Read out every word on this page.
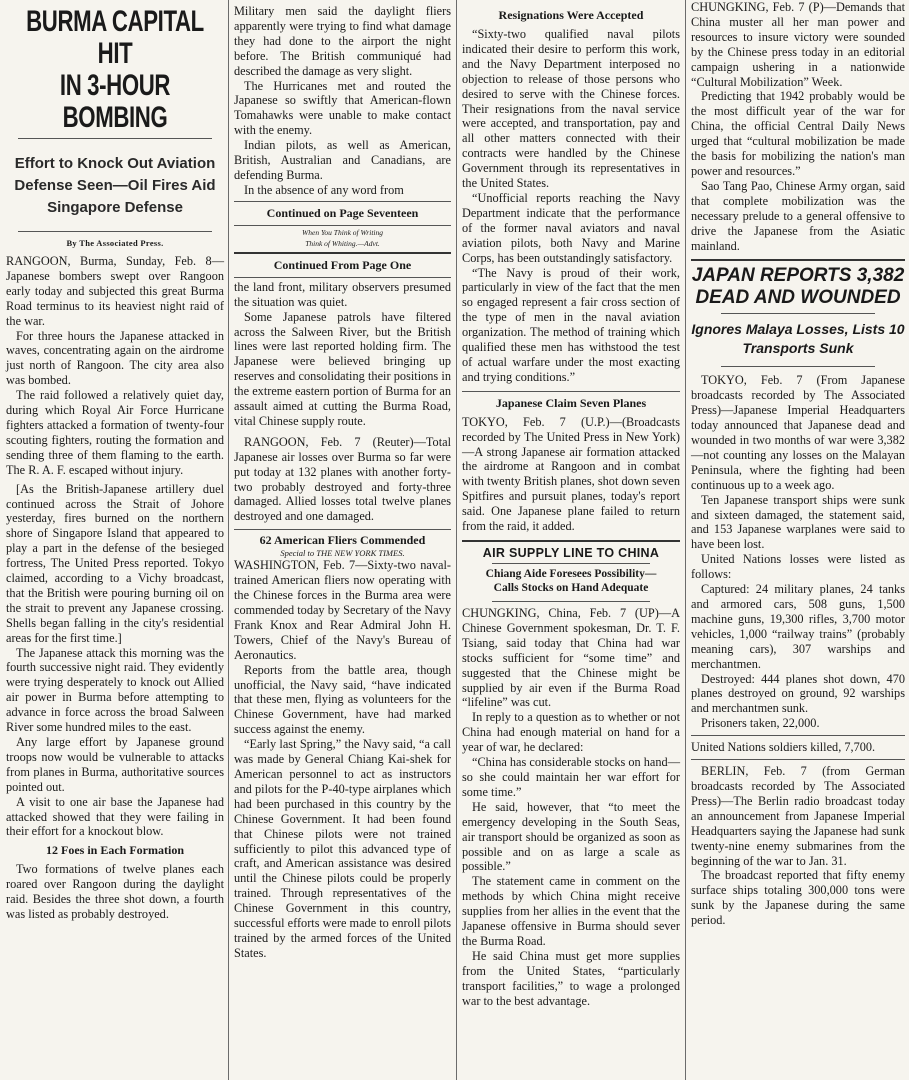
BURMA CAPITAL HIT
IN 3-HOUR BOMBING
Effort to Knock Out Aviation
Defense Seen—Oil Fires Aid
Singapore Defense
By The Associated Press.

RANGOON, Burma, Sunday, Feb. 8—Japanese bombers swept over Rangoon early today and subjected this great Burma Road terminus to its heaviest night raid of the war.

For three hours the Japanese attacked in waves, concentrating again on the airdrome just north of Rangoon. The city area also was bombed.

The raid followed a relatively quiet day, during which Royal Air Force Hurricane fighters attacked a formation of twenty-four scouting fighters, routing the formation and sending three of them flaming to the earth. The R. A. F. escaped without injury.

[As the British-Japanese artillery duel continued across the Strait of Johore yesterday, fires burned on the northern shore of Singapore Island that appeared to play a part in the defense of the besieged fortress, The United Press reported. Tokyo claimed, according to a Vichy broadcast, that the British were pouring burning oil on the strait to prevent any Japanese crossing. Shells began falling in the city's residential areas for the first time.]

The Japanese attack this morning was the fourth successive night raid. They evidently were trying desperately to knock out Allied air power in Burma before attempting to advance in force across the broad Salween River some hundred miles to the east.

Any large effort by Japanese ground troops now would be vulnerable to attacks from planes in Burma, authoritative sources pointed out.

A visit to one air base the Japanese had attacked showed that they were failing in their effort for a knockout blow.

12 Foes in Each Formation

Two formations of twelve planes each roared over Rangoon during the daylight raid. Besides the three shot down, a fourth was listed as probably destroyed.

Military men said the daylight fliers apparently were trying to find what damage they had done to the airport the night before. The British communiqué had described the damage as very slight.

The Hurricanes met and routed the Japanese so swiftly that American-flown Tomahawks were unable to make contact with the enemy.

Indian pilots, as well as American, British, Australian and Canadians, are defending Burma.

In the absence of any word from

Continued on Page Seventeen
When You Think of Writing
Think of Whiting.—Advt.
Continued From Page One

the land front, military observers presumed the situation was quiet.

Some Japanese patrols have filtered across the Salween River, but the British lines were last reported holding firm. The Japanese were believed bringing up reserves and consolidating their positions in the extreme eastern portion of Burma for an assault aimed at cutting the Burma Road, vital Chinese supply route.

RANGOON, Feb. 7 (Reuter)—Total Japanese air losses over Burma so far were put today at 132 planes with another forty-two probably destroyed and forty-three damaged. Allied losses total twelve planes destroyed and one damaged.

62 American Fliers Commended
Special to THE NEW YORK TIMES.

WASHINGTON, Feb. 7—Sixty-two naval-trained American fliers now operating with the Chinese forces in the Burma area were commended today by Secretary of the Navy Frank Knox and Rear Admiral John H. Towers, Chief of the Navy's Bureau of Aeronautics.

Reports from the battle area, though unofficial, the Navy said, “have indicated that these men, flying as volunteers for the Chinese Government, have had marked success against the enemy.

“Early last Spring,” the Navy said, “a call was made by General Chiang Kai-shek for American personnel to act as instructors and pilots for the P-40-type airplanes which had been purchased in this country by the Chinese Government. It had been found that Chinese pilots were not trained sufficiently to pilot this advanced type of craft, and American assistance was desired until the Chinese pilots could be properly trained. Through representatives of the Chinese Government in this country, successful efforts were made to enroll pilots trained by the armed forces of the United States.

Resignations Were Accepted

“Sixty-two qualified naval pilots indicated their desire to perform this work, and the Navy Department interposed no objection to release of those persons who desired to serve with the Chinese forces. Their resignations from the naval service were accepted, and transportation, pay and all other matters connected with their contracts were handled by the Chinese Government through its representatives in the United States.

“Unofficial reports reaching the Navy Department indicate that the performance of the former naval aviators and naval aviation pilots, both Navy and Marine Corps, has been outstandingly satisfactory.

“The Navy is proud of their work, particularly in view of the fact that the men so engaged represent a fair cross section of the type of men in the naval aviation organization. The method of training which qualified these men has withstood the test of actual warfare under the most exacting and trying conditions.”

Japanese Claim Seven Planes

TOKYO, Feb. 7 (U.P.)—(Broadcasts recorded by The United Press in New York)—A strong Japanese air formation attacked the airdrome at Rangoon and in combat with twenty British planes, shot down seven Spitfires and pursuit planes, today's report said. One Japanese plane failed to return from the raid, it added.

AIR SUPPLY LINE TO CHINA
Chiang Aide Foresees Possibility—
Calls Stocks on Hand Adequate

CHUNGKING, China, Feb. 7 (UP)—A Chinese Government spokesman, Dr. T. F. Tsiang, said today that China had war stocks sufficient for “some time” and suggested that the Chinese might be supplied by air even if the Burma Road “lifeline” was cut.

In reply to a question as to whether or not China had enough material on hand for a year of war, he declared:

“China has considerable stocks on hand—so she could maintain her war effort for some time.”

He said, however, that “to meet the emergency developing in the South Seas, air transport should be organized as soon as possible and on as large a scale as possible.”

The statement came in comment on the methods by which China might receive supplies from her allies in the event that the Japanese offensive in Burma should sever the Burma Road.

He said China must get more supplies from the United States, “particularly transport facilities,” to wage a prolonged war to the best advantage.

CHUNGKING, Feb. 7 (P)—Demands that China muster all her man power and resources to insure victory were sounded by the Chinese press today in an editorial campaign ushering in a nationwide “Cultural Mobilization” Week.

Predicting that 1942 probably would be the most difficult year of the war for China, the official Central Daily News urged that “cultural mobilization be made the basis for mobilizing the nation's man power and resources.”

Sao Tang Pao, Chinese Army organ, said that complete mobilization was the necessary prelude to a general offensive to drive the Japanese from the Asiatic mainland.

JAPAN REPORTS 3,382
DEAD AND WOUNDED
Ignores Malaya Losses, Lists 10
Transports Sunk

TOKYO, Feb. 7 (From Japanese broadcasts recorded by The Associated Press)—Japanese Imperial Headquarters today announced that Japanese dead and wounded in two months of war were 3,382—not counting any losses on the Malayan Peninsula, where the fighting had been continuous up to a week ago.

Ten Japanese transport ships were sunk and sixteen damaged, the statement said, and 153 Japanese warplanes were said to have been lost.

United Nations losses were listed as follows:

Captured: 24 military planes, 24 tanks and armored cars, 508 guns, 1,500 machine guns, 19,300 rifles, 3,700 motor vehicles, 1,000 “railway trains” (probably meaning cars), 307 warships and merchantmen.

Destroyed: 444 planes shot down, 470 planes destroyed on ground, 92 warships and merchantmen sunk.

Prisoners taken, 22,000.

United Nations soldiers killed, 7,700.

BERLIN, Feb. 7 (from German broadcasts recorded by The Associated Press)—The Berlin radio broadcast today an announcement from Japanese Imperial Headquarters saying the Japanese had sunk twenty-nine enemy submarines from the beginning of the war to Jan. 31.

The broadcast reported that fifty enemy surface ships totaling 300,000 tons were sunk by the Japanese during the same period.
